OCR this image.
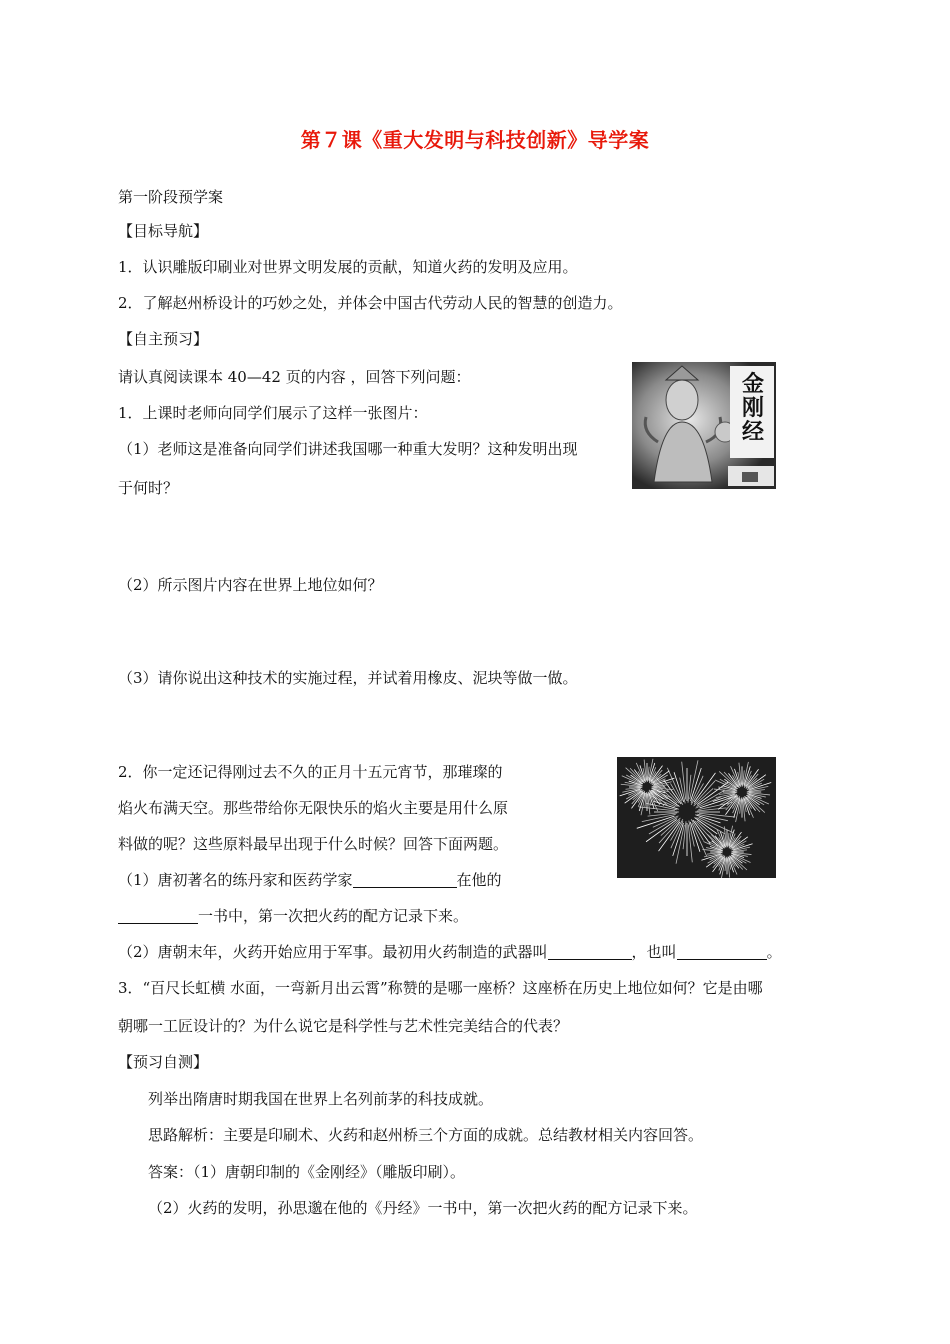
第７课《重大发明与科技创新》导学案
第一阶段预学案
【目标导航】
1．认识雕版印刷业对世界文明发展的贡献，知道火药的发明及应用。
2．了解赵州桥设计的巧妙之处，并体会中国古代劳动人民的智慧的创造力。
【自主预习】
请认真阅读课本 40—42 页的内容 ，回答下列问题：
1．上课时老师向同学们展示了这样一张图片：
（1）老师这是准备向同学们讲述我国哪一种重大发明？这种发明出现
于何时？
（2）所示图片内容在世界上地位如何？
（3）请你说出这种技术的实施过程，并试着用橡皮、泥块等做一做。
金刚经
2．你一定还记得刚过去不久的正月十五元宵节，那璀璨的
焰火布满天空。那些带给你无限快乐的焰火主要是用什么原
料做的呢？这些原料最早出现于什么时候？回答下面两题。
（1）唐初著名的练丹家和医药学家	在他的
一书中，第一次把火药的配方记录下来。
（2）唐朝末年，火药开始应用于军事。最初用火药制造的武器叫	，也叫	。
3．“百尺长虹横 水面，一弯新月出云霄”称赞的是哪一座桥？这座桥在历史上地位如何？它是由哪
朝哪一工匠设计的？为什么说它是科学性与艺术性完美结合的代表？
【预习自测】
列举出隋唐时期我国在世界上名列前茅的科技成就。
思路解析：主要是印刷术、火药和赵州桥三个方面的成就。总结教材相关内容回答。
答案：（1）唐朝印制的《金刚经》（雕版印刷）。
（2）火药的发明，孙思邈在他的《丹经》一书中，第一次把火药的配方记录下来。
